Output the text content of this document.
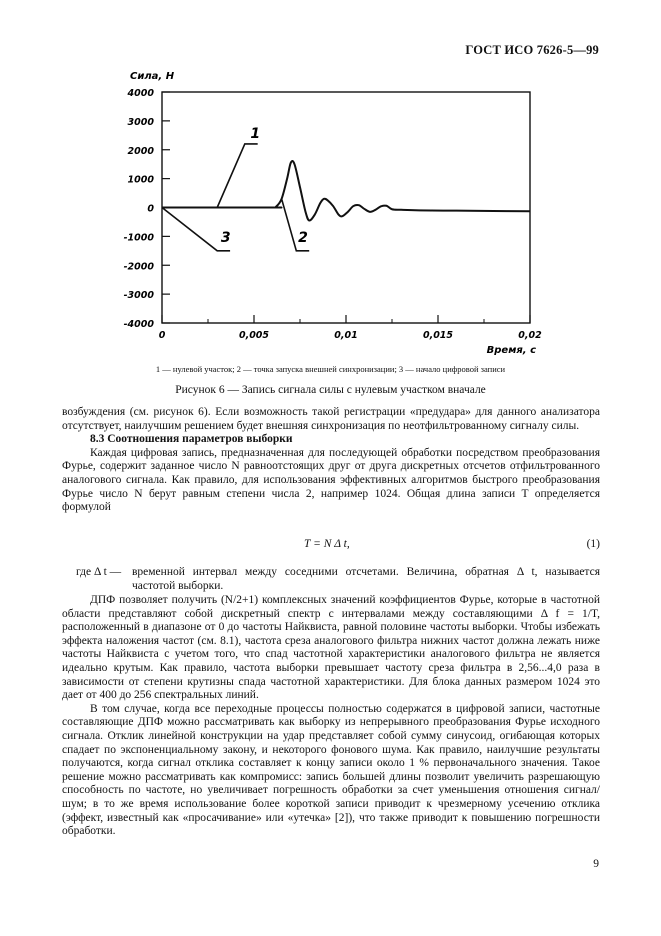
ГОСТ ИСО 7626-5—99
4000
3000
2000
1000
0
-1000
-2000
-3000
-4000
0	0,005	0,01	0,015	0,02
Сила, Н
Время, с
1
2
3
1 — нулевой участок; 2 — точка запуска внешней синхронизации; 3 — начало цифровой записи
Рисунок 6 — Запись сигнала силы с нулевым участком вначале

возбуждения (см. рисунок 6). Если возможность такой регистрации «предудара» для данного анализатора отсутствует, наилучшим решением будет внешняя синхронизация по неотфильтрованному сигналу силы.

8.3 Соотношения параметров выборки

Каждая цифровая запись, предназначенная для последующей обработки посредством преобразования Фурье, содержит заданное число N равноотстоящих друг от друга дискретных отсчетов отфильтрованного аналогового сигнала. Как правило, для использования эффективных алгоритмов быстрого преобразования Фурье число N берут равным степени числа 2, например 1024. Общая длина записи T определяется формулой

T = N Δ t,	(1)
где Δ t — временной интервал между соседними отсчетами. Величина, обратная Δ t, называется частотой выборки.

ДПФ позволяет получить (N/2+1) комплексных значений коэффициентов Фурье, которые в частотной области представляют собой дискретный спектр с интервалами между составляющими Δ f = 1/T, расположенный в диапазоне от 0 до частоты Найквиста, равной половине частоты выборки. Чтобы избежать эффекта наложения частот (см. 8.1), частота среза аналогового фильтра нижних частот должна лежать ниже частоты Найквиста с учетом того, что спад частотной характеристики аналогового фильтра не является идеально крутым. Как правило, частота выборки превышает частоту среза фильтра в 2,56...4,0 раза в зависимости от степени крутизны спада частотной характеристики. Для блока данных размером 1024 это дает от 400 до 256 спектральных линий.

В том случае, когда все переходные процессы полностью содержатся в цифровой записи, частотные составляющие ДПФ можно рассматривать как выборку из непрерывного преобразования Фурье исходного сигнала. Отклик линейной конструкции на удар представляет собой сумму синусоид, огибающая которых спадает по экспоненциальному закону, и некоторого фонового шума. Как правило, наилучшие результаты получаются, когда сигнал отклика составляет к концу записи около 1 % первоначального значения. Такое решение можно рассматривать как компромисс: запись большей длины позволит увеличить разрешающую способность по частоте, но увеличивает погрешность обработки за счет уменьшения отношения сигнал/шум; в то же время использование более короткой записи приводит к чрезмерному усечению отклика (эффект, известный как «просачивание» или «утечка» [2]), что также приводит к повышению погрешности обработки.

9
